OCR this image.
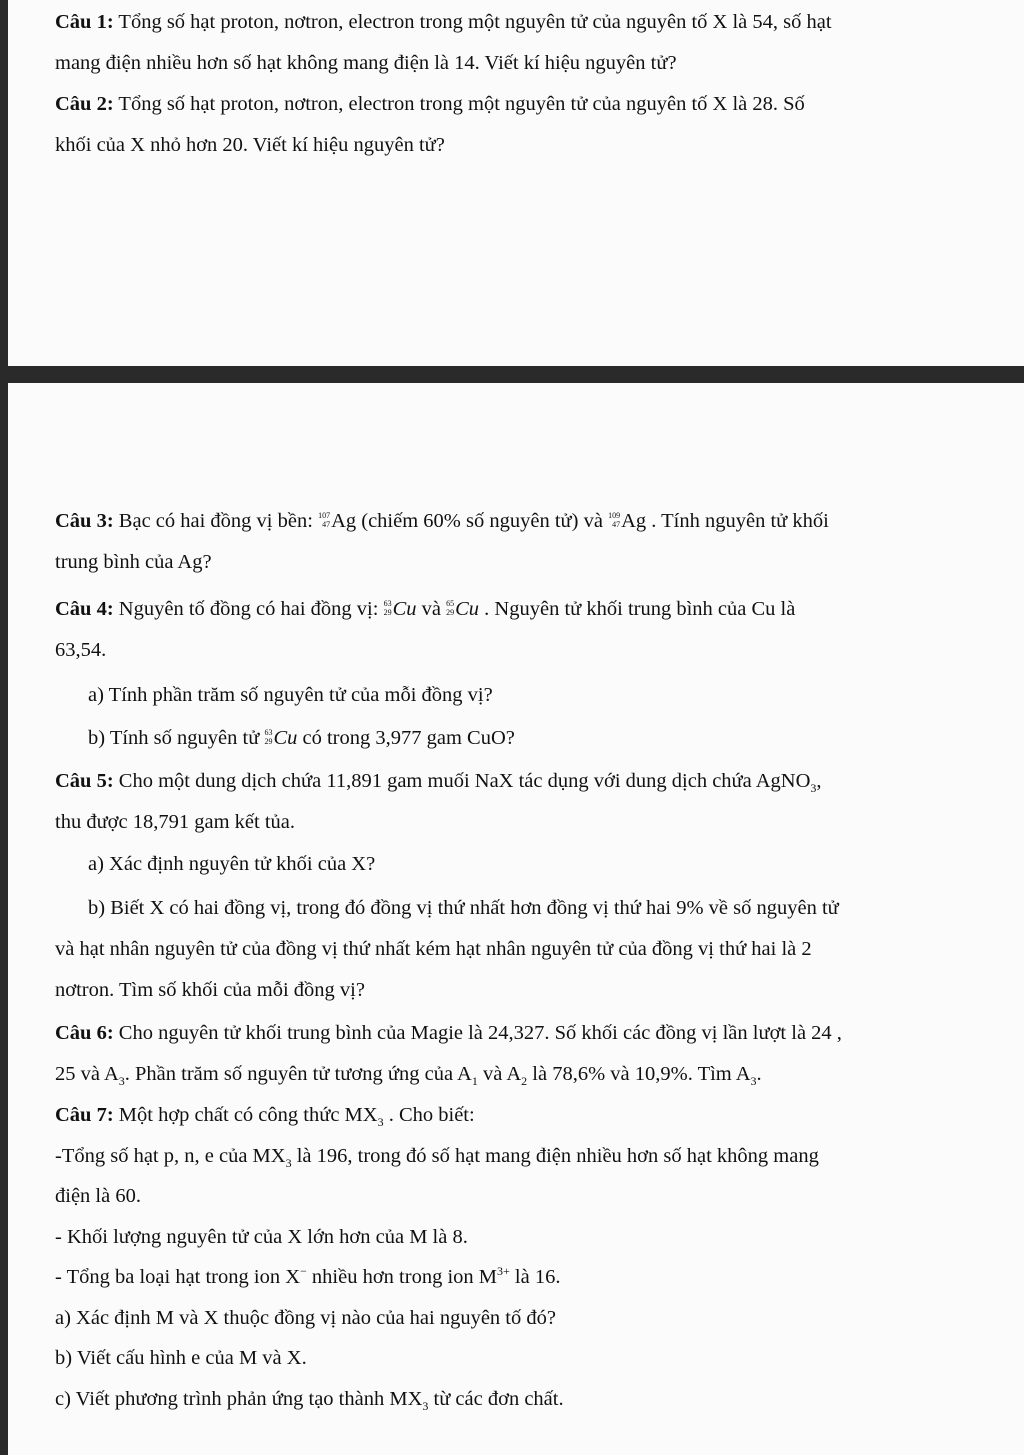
Câu 1: Tổng số hạt proton, nơtron, electron trong một nguyên tử của nguyên tố X là 54, số hạt
mang điện nhiều hơn số hạt không mang điện là 14. Viết kí hiệu nguyên tử?
Câu 2: Tổng số hạt proton, nơtron, electron trong một nguyên tử của nguyên tố X là 28. Số
khối của X nhỏ hơn 20. Viết kí hiệu nguyên tử?
Câu 3: Bạc có hai đồng vị bền: 107
47 Ag (chiếm 60% số nguyên tử) và 109
47 Ag . Tính nguyên tử khối
trung bình của Ag?
Câu 4: Nguyên tố đồng có hai đồng vị: 63
29 Cu và 65
29 Cu . Nguyên tử khối trung bình của Cu là
63,54.
a) Tính phần trăm số nguyên tử của mỗi đồng vị?
b) Tính số nguyên tử 63
29 Cu có trong 3,977 gam CuO?
Câu 5: Cho một dung dịch chứa 11,891 gam muối NaX tác dụng với dung dịch chứa AgNO$_3$,
thu được 18,791 gam kết tủa.
a) Xác định nguyên tử khối của X?
b) Biết X có hai đồng vị, trong đó đồng vị thứ nhất hơn đồng vị thứ hai 9% về số nguyên tử
và hạt nhân nguyên tử của đồng vị thứ nhất kém hạt nhân nguyên tử của đồng vị thứ hai là 2
nơtron. Tìm số khối của mỗi đồng vị?
Câu 6: Cho nguyên tử khối trung bình của Magie là 24,327. Số khối các đồng vị lần lượt là 24 ,
25 và $A_3$. Phần trăm số nguyên tử tương ứng của $A_1$ và $A_2$ là 78,6% và 10,9%. Tìm $A_3$.
Câu 7: Một hợp chất có công thức $MX_3$ . Cho biết:
-Tổng số hạt p, n, e của $MX_3$ là 196, trong đó số hạt mang điện nhiều hơn số hạt không mang
điện là 60.
- Khối lượng nguyên tử của X lớn hơn của M là 8.
- Tổng ba loại hạt trong ion X− nhiều hơn trong ion $M^{3+}$ là 16.
a) Xác định M và X thuộc đồng vị nào của hai nguyên tố đó?
b) Viết cấu hình e của M và X.
c) Viết phương trình phản ứng tạo thành $MX_3$ từ các đơn chất.
